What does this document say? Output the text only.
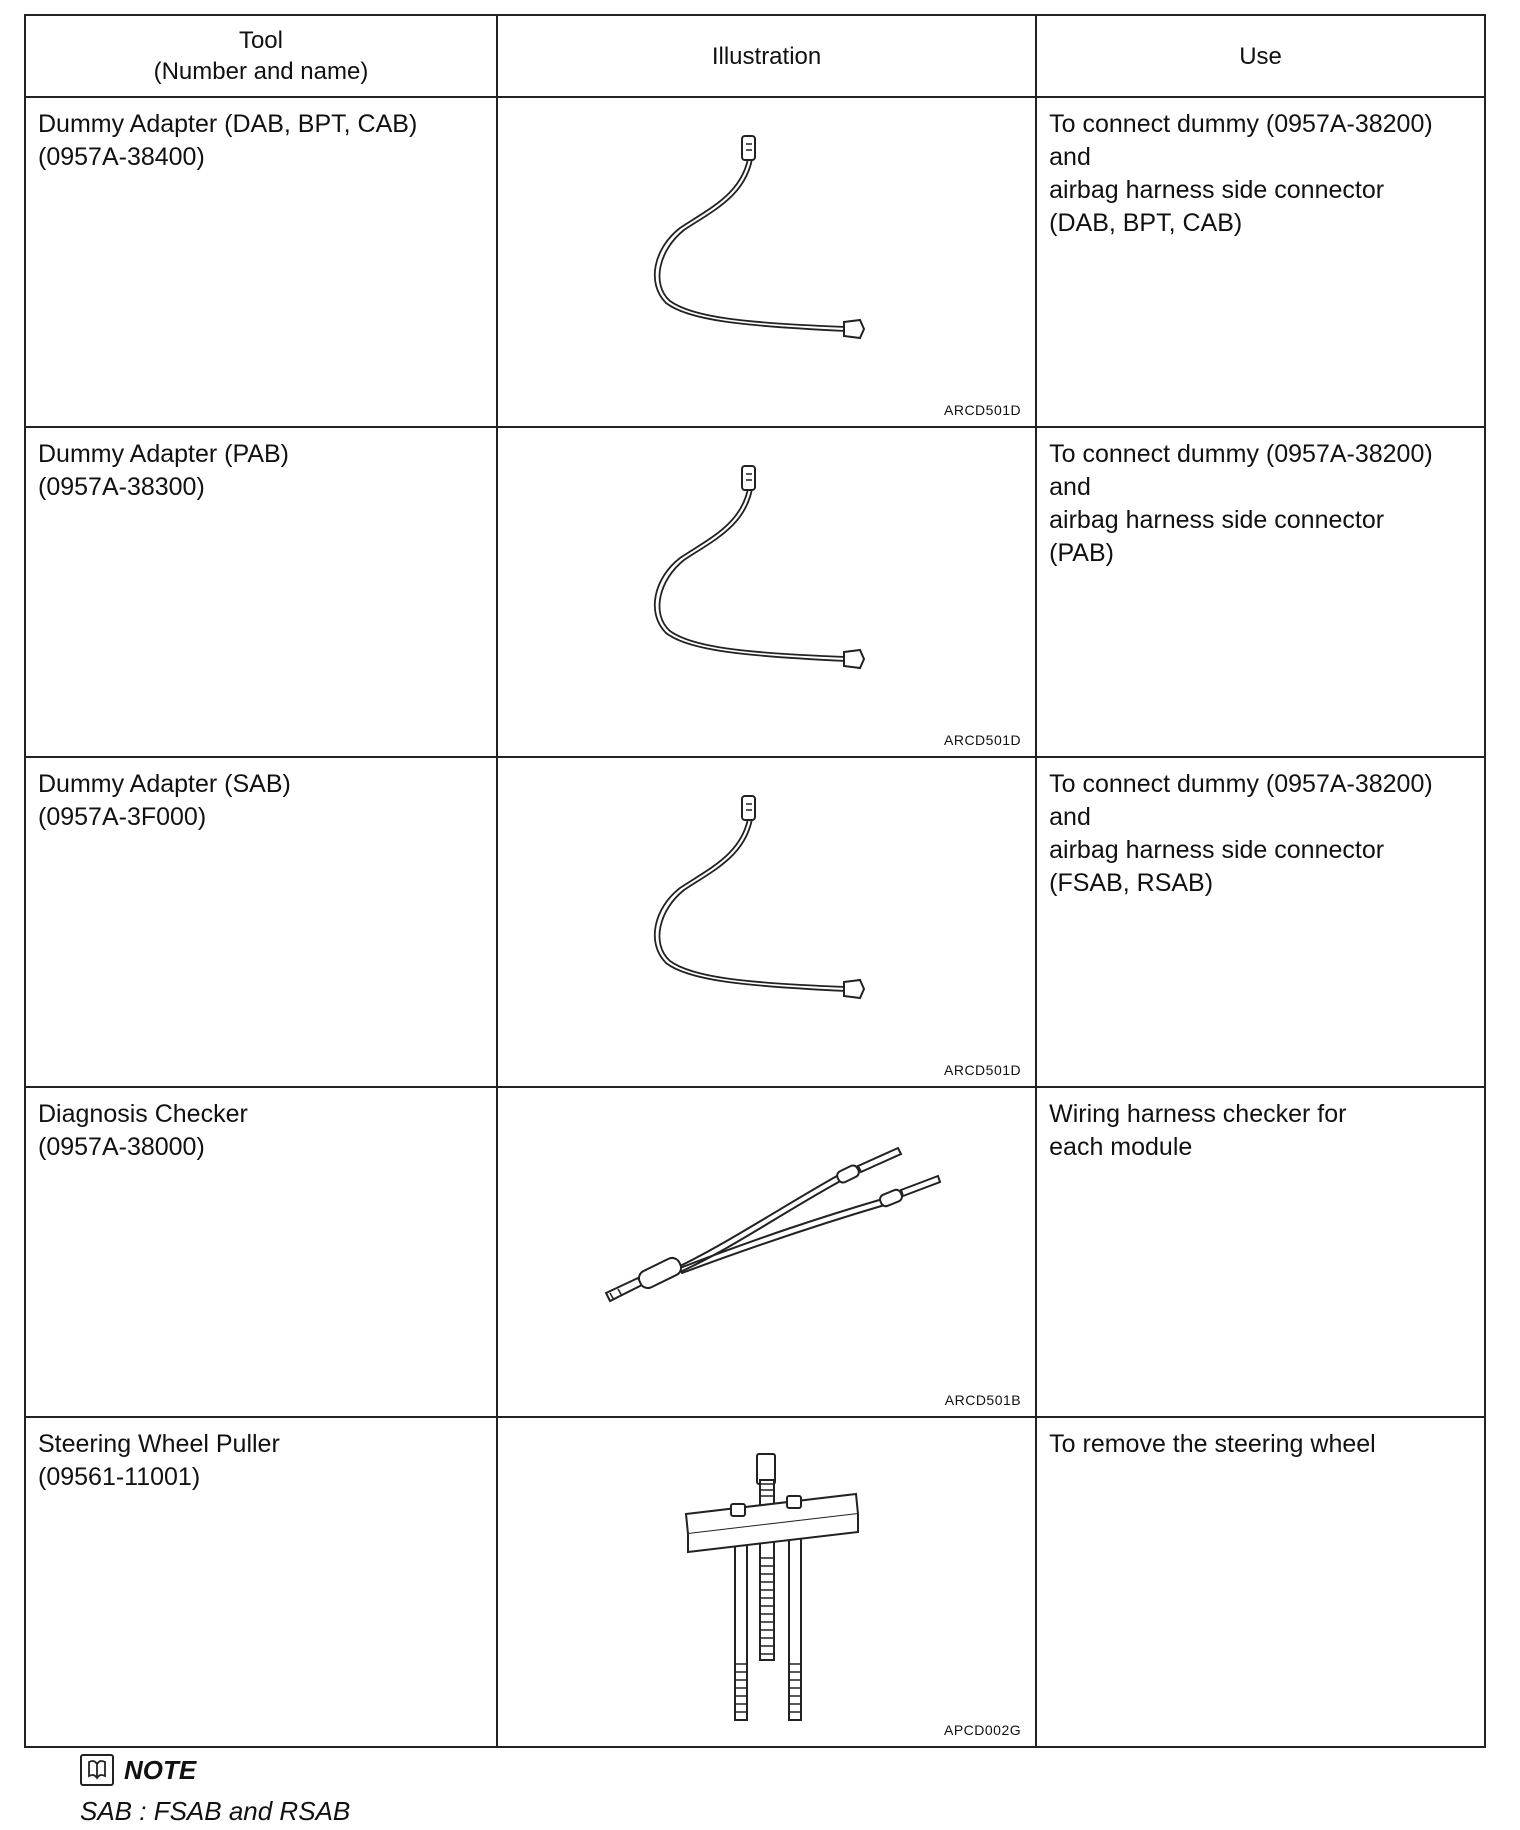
Tool
(Number and name)	Illustration	Use

Dummy Adapter (DAB, BPT, CAB)
(0957A-38400)	ARCD501D	To connect dummy (0957A-38200)
and
airbag harness side connector
(DAB, BPT, CAB)

Dummy Adapter (PAB)
(0957A-38300)	ARCD501D	To connect dummy (0957A-38200)
and
airbag harness side connector
(PAB)

Dummy Adapter (SAB)
(0957A-3F000)	ARCD501D	To connect dummy (0957A-38200)
and
airbag harness side connector
(FSAB, RSAB)

Diagnosis Checker
(0957A-38000)	ARCD501B	Wiring harness checker for
each module

Steering Wheel Puller
(09561-11001)	APCD002G	To remove the steering wheel
NOTE
SAB : FSAB and RSAB
